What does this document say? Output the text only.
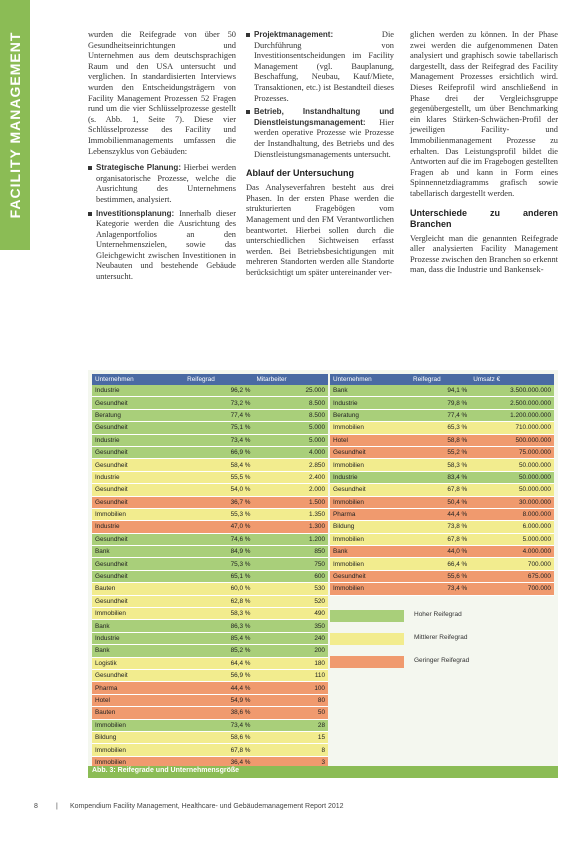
FACILITY MANAGEMENT	wurden die Reifegrade von über 50 Gesundheitseinrichtungen und Unternehmen aus dem deutschsprachigen Raum und den USA untersucht und verglichen. In standardisierten Interviews wurden den Entscheidungsträgern von Facility Management Prozessen 52 Fragen rund um die vier Schlüsselprozesse gestellt (s. Abb. 1, Seite 7). Diese vier Schlüsselprozesse des Facility und Immobilienmanagements umfassen die Lebenszyklus von Gebäuden:

Strategische Planung: Hierbei werden organisatorische Prozesse, welche die Ausrichtung des Unternehmens bestimmen, analysiert.
Investitionsplanung: Innerhalb dieser Kategorie werden die Ausrichtung des Anlagenportfolios an den Unternehmenszielen, sowie das Gleichgewicht zwischen Investitionen in Neubauten und bestehende Gebäude untersucht.
Projektmanagement:	Die Durchführung von Investitionsentscheidungen im Facility Management (vgl. Bauplanung, Beschaffung, Neubau, Kauf/Miete, Transaktionen, etc.) ist Bestandteil dieses Prozesses.
Betrieb, Instandhaltung und Dienstleistungsmanagement: Hier werden operative Prozesse wie Prozesse der Instandhaltung, des Betriebs und des Dienstleistungsmanagements untersucht.
Ablauf der Untersuchung

Das Analyseverfahren besteht aus drei Phasen. In der ersten Phase werden die strukturierten Fragebögen vom Management und den FM Verantwortlichen beantwortet. Hierbei sollen durch die unterschiedlichen Sichtweisen erfasst werden. Bei Betriebsbesichtigungen mit mehreren Standorten werden alle Standorte berücksichtigt um später untereinander ver-

glichen werden zu können. In der Phase zwei werden die aufgenommenen Daten analysiert und graphisch sowie tabellarisch dargestellt, dass der Reifegrad des Facility Management Prozesses ersichtlich wird. Dieses Reifeprofil wird anschließend in Phase drei der Vergleichsgruppe gegenübergestellt, um über Benchmarking ein klares Stärken-Schwächen-Profil der jeweiligen Facility- und Immobilienmanagement Prozesse zu erhalten. Das Leistungsprofil bildet die Antworten auf die im Fragebogen gestellten Fragen ab und kann in Form eines Spinnennetzdiagramms grafisch sowie tabellarisch dargestellt werden.

Unterschiede zu anderen Branchen

Vergleicht man die genannten Reifegrade aller analysierten Facility Management Prozesse zwischen den Branchen so erkennt man, dass die Industrie und Bankensek-

Unternehmen	Reifegrad	Mitarbeiter
Industrie	96,2 %	25.000
Gesundheit	73,2 %	8.500
Beratung	77,4 %	8.500
Gesundheit	75,1 %	5.000
Industrie	73,4 %	5.000
Gesundheit	66,9 %	4.000
Gesundheit	58,4 %	2.850
Industrie	55,5 %	2.400
Gesundheit	54,0 %	2.000
Gesundheit	36,7 %	1.500
Immobilien	55,3 %	1.350
Industrie	47,0 %	1.300
Gesundheit	74,6 %	1.200
Bank	84,9 %	850
Gesundheit	75,3 %	750
Gesundheit	65,1 %	600
Bauten	60,0 %	530
Gesundheit	62,8 %	520
Immobilien	58,3 %	490
Bank	86,3 %	350
Industrie	85,4 %	240
Bank	85,2 %	200
Logistik	64,4 %	180
Gesundheit	56,9 %	110
Pharma	44,4 %	100
Hotel	54,9 %	80
Bauten	38,6 %	50
Immobilien	73,4 %	28
Bildung	58,6 %	15
Immobilien	67,8 %	8
Immobilien	36,4 %	3
Unternehmen	Reifegrad	Umsatz €
Bank	94,1 %	3.500.000.000
Industrie	79,8 %	2.500.000.000
Beratung	77,4 %	1.200.000.000
Immobilien	65,3 %	710.000.000
Hotel	58,8 %	500.000.000
Gesundheit	55,2 %	75.000.000
Immobilien	58,3 %	50.000.000
Industrie	83,4 %	50.000.000
Gesundheit	67,8 %	50.000.000
Immobilien	50,4 %	30.000.000
Pharma	44,4 %	8.000.000
Bildung	73,8 %	6.000.000
Immobilien	67,8 %	5.000.000
Bank	44,0 %	4.000.000
Immobilien	66,4 %	700.000
Gesundheit	55,6 %	675.000
Immobilien	73,4 %	700.000
Hoher Reifegrad
Mittlerer Reifegrad
Geringer Reifegrad
Abb. 3: Reifegrade und Unternehmensgröße
8	| Kompendium Facility Management, Healthcare- und Gebäudemanagement Report 2012
